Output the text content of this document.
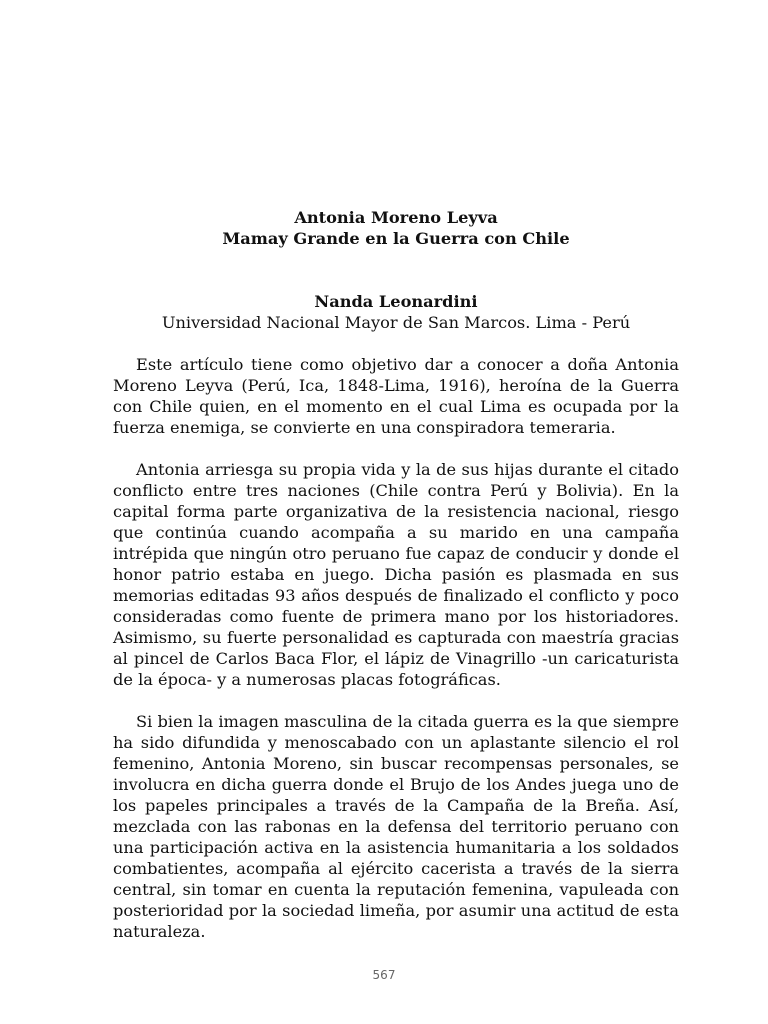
Antonia Moreno Leyva
Mamay Grande en la Guerra con Chile
Nanda Leonardini
Universidad Nacional Mayor de San Marcos. Lima - Perú

Este artículo tiene como objetivo dar a conocer a doña Antonia Moreno Leyva (Perú, Ica, 1848-Lima, 1916), heroína de la Guerra con Chile quien, en el momento en el cual Lima es ocupada por la fuerza enemiga, se convierte en una conspiradora temeraria.

Antonia arriesga su propia vida y la de sus hijas durante el citado conflicto entre tres naciones (Chile contra Perú y Bolivia). En la capital forma parte organizativa de la resistencia nacional, riesgo que continúa cuando acompaña a su marido en una campaña intrépida que ningún otro peruano fue capaz de conducir y donde el honor patrio estaba en juego. Dicha pasión es plasmada en sus memorias editadas 93 años después de finalizado el conflicto y poco consideradas como fuente de primera mano por los historiadores. Asimismo, su fuerte personalidad es capturada con maestría gracias al pincel de Carlos Baca Flor, el lápiz de Vinagrillo -un caricaturista de la época- y a numerosas placas fotográficas.

Si bien la imagen masculina de la citada guerra es la que siempre ha sido difundida y menoscabado con un aplastante silencio el rol femenino, Antonia Moreno, sin buscar recompensas personales, se involucra en dicha guerra donde el Brujo de los Andes juega uno de los papeles principales a través de la Campaña de la Breña. Así, mezclada con las rabonas en la defensa del territorio peruano con una participación activa en la asistencia humanitaria a los soldados combatientes, acompaña al ejército cacerista a través de la sierra central, sin tomar en cuenta la reputación femenina, vapuleada con posterioridad por la sociedad limeña, por asumir una actitud de esta naturaleza.

567
